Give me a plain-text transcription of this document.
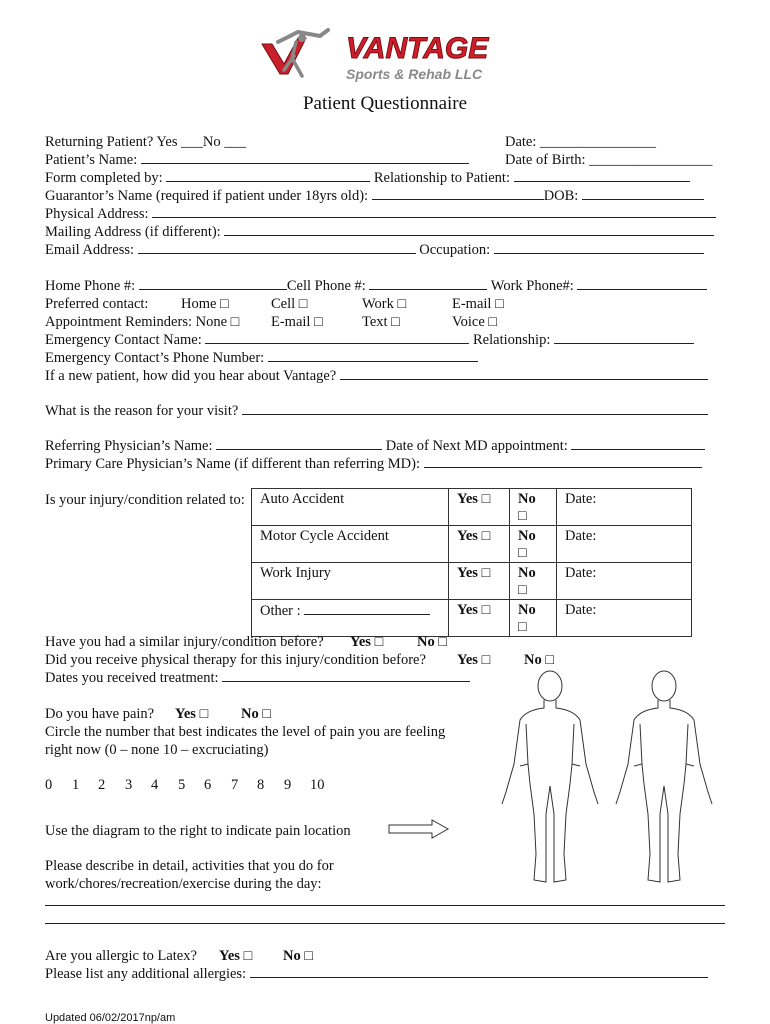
VANTAGE
Sports & Rehab LLC
Patient Questionnaire
Returning Patient? Yes ___No ___	Date: ________________
Patient’s Name:	Date of Birth: _________________
Form completed by:	Relationship to Patient:
Guarantor’s Name (required if patient under 18yrs old):	DOB:
Physical Address:
Mailing Address (if different):
Email Address:	Occupation:
Home Phone #:	Cell Phone #:	Work Phone#:
Preferred contact: Home □	Cell □	Work □	E-mail □
Appointment Reminders: None □ E-mail □	Text □	Voice □
Emergency Contact Name:	Relationship:
Emergency Contact’s Phone Number:
If a new patient, how did you hear about Vantage?
What is the reason for your visit?
Referring Physician’s Name:	Date of Next MD appointment:
Primary Care Physician’s Name (if different than referring MD):
Is your injury/condition related to: Auto Accident	Yes □	No □	Date:
Motor Cycle Accident	Yes □	No □	Date:
Work Injury	Yes □	No □	Date:
Other :	Yes □	No □	Date:
Have you had a similar injury/condition before? Yes □ No □
Did you receive physical therapy for this injury/condition before? Yes □ No □
Dates you received treatment:
Do you have pain? Yes □ No □
Circle the number that best indicates the level of pain you are feeling
right now (0 – none 10 – excruciating)
0 1 2 3 4 5 6 7 8 9 10
Use the diagram to the right to indicate pain location
Please describe in detail, activities that you do for
work/chores/recreation/exercise during the day:
Are you allergic to Latex? Yes □ No □
Please list any additional allergies:
Updated 06/02/2017np/am
